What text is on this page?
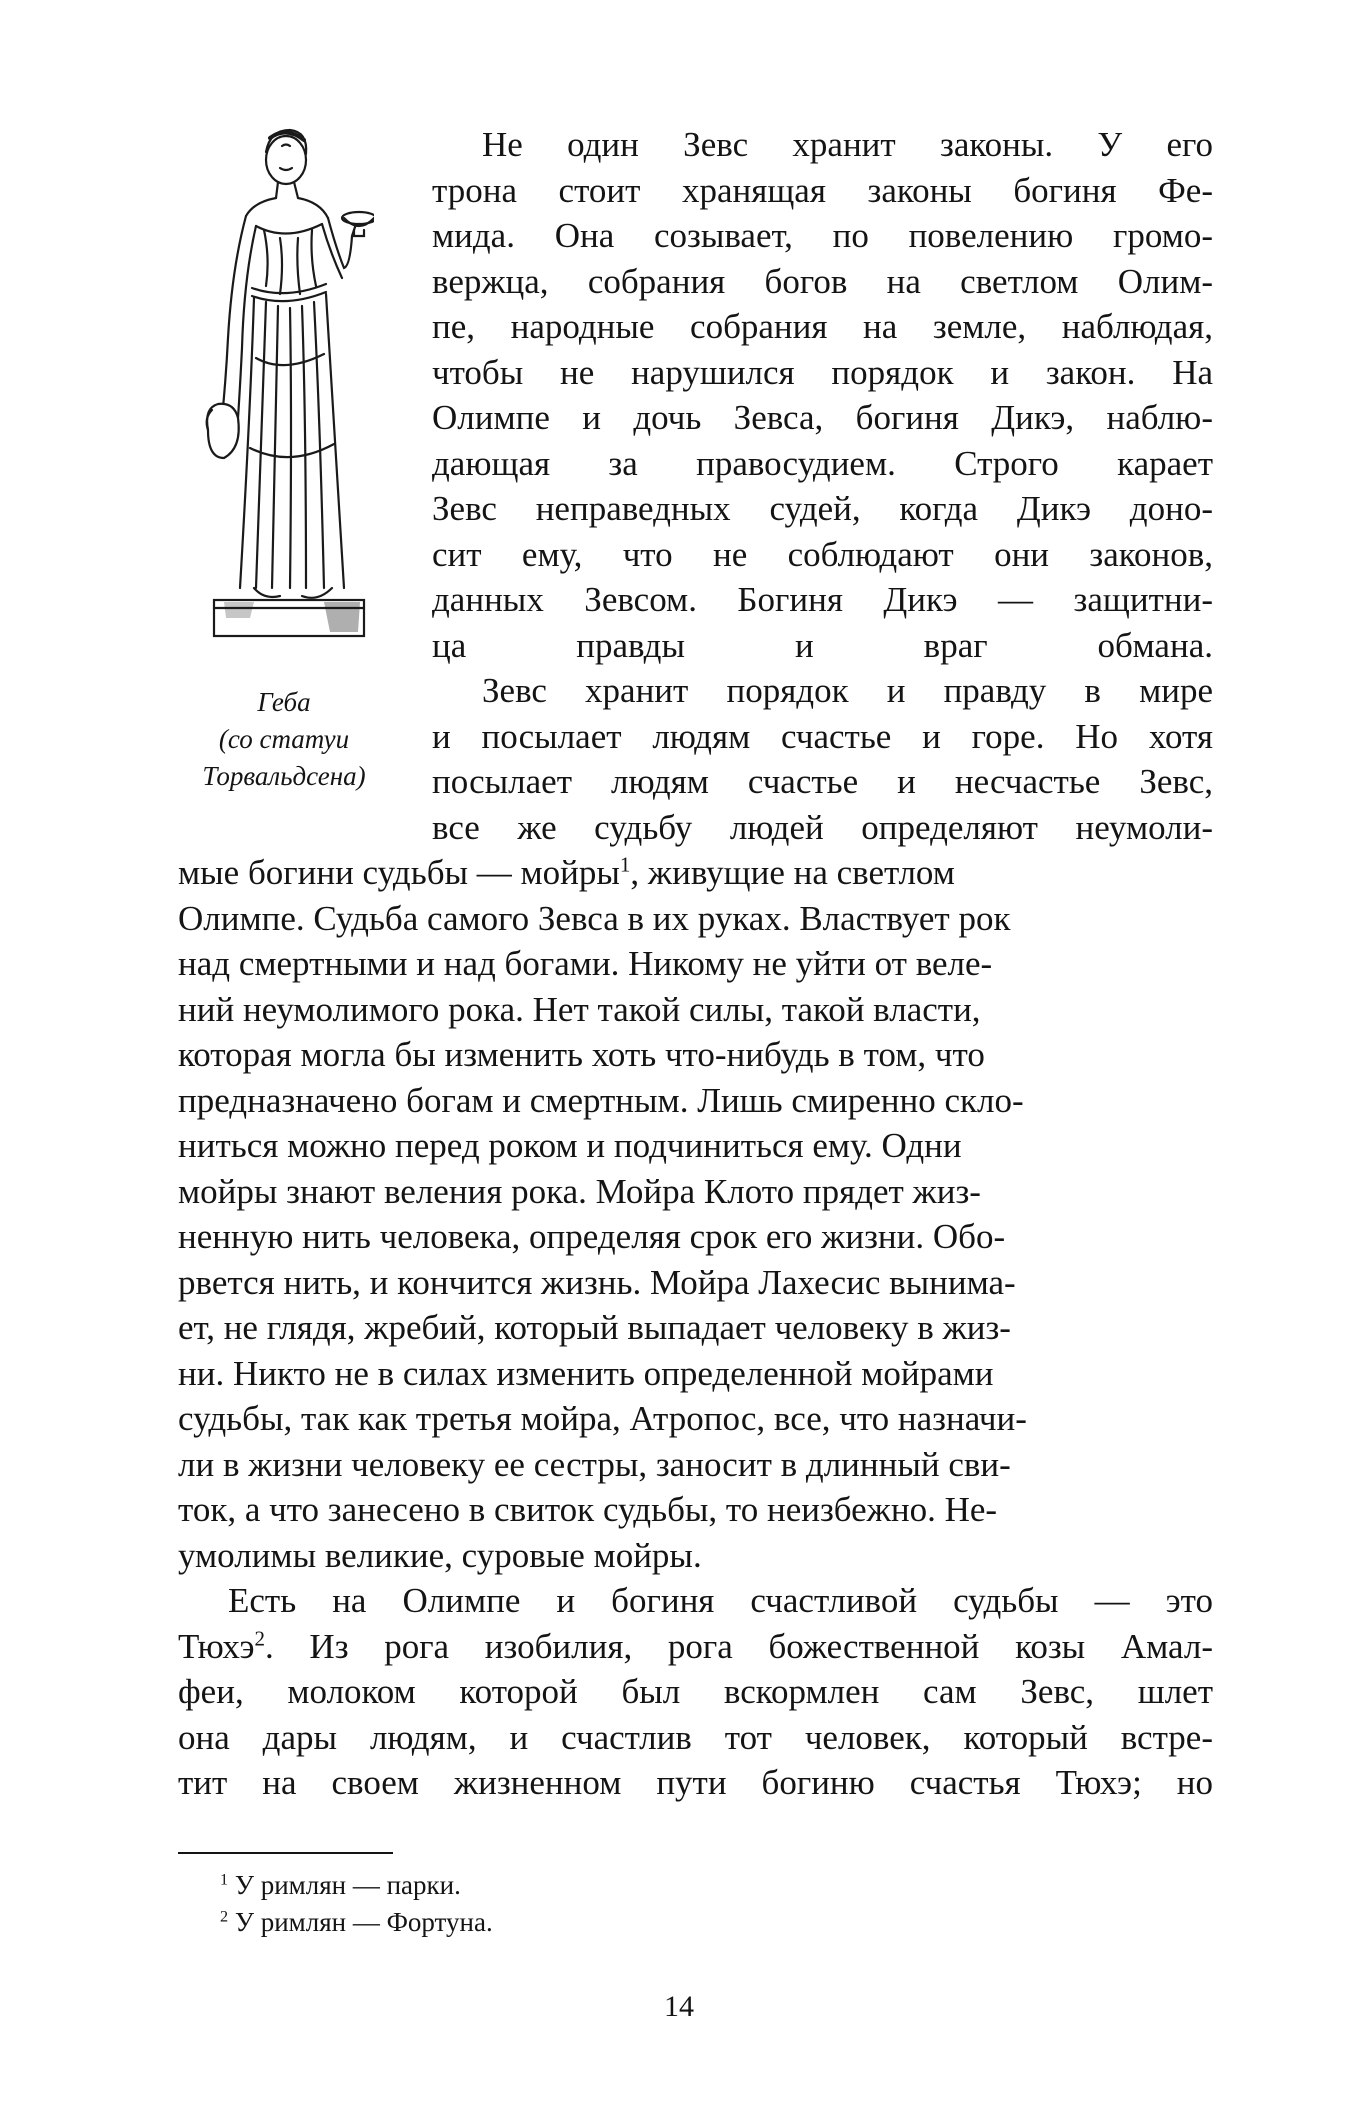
Геба
(со статуи
Торвальдсена)
Не один Зевс хранит законы. У его
трона стоит хранящая законы богиня Фе-
мида. Она созывает, по повелению громо-
вержца, собрания богов на светлом Олим-
пе, народные собрания на земле, наблюдая,
чтобы не нарушился порядок и закон. На
Олимпе и дочь Зевса, богиня Дикэ, наблю-
дающая за правосудием. Строго карает
Зевс неправедных судей, когда Дикэ доно-
сит ему, что не соблюдают они законов,
данных Зевсом. Богиня Дикэ — защитни-
ца правды и враг обмана.
Зевс хранит порядок и правду в мире
и посылает людям счастье и горе. Но хотя
посылает людям счастье и несчастье Зевс,
все же судьбу людей определяют неумоли-
мые богини судьбы — мойры$^1$, живущие на светлом
Олимпе. Судьба самого Зевса в их руках. Властвует рок
над смертными и над богами. Никому не уйти от веле-
ний неумолимого рока. Нет такой силы, такой власти,
которая могла бы изменить хоть что-нибудь в том, что
предназначено богам и смертным. Лишь смиренно скло-
ниться можно перед роком и подчиниться ему. Одни
мойры знают веления рока. Мойра Клото прядет жиз-
ненную нить человека, определяя срок его жизни. Обо-
рвется нить, и кончится жизнь. Мойра Лахесис вынима-
ет, не глядя, жребий, который выпадает человеку в жиз-
ни. Никто не в силах изменить определенной мойрами
судьбы, так как третья мойра, Атропос, все, что назначи-
ли в жизни человеку ее сестры, заносит в длинный сви-
ток, а что занесено в свиток судьбы, то неизбежно. Не-
умолимы великие, суровые мойры.
Есть на Олимпе и богиня счастливой судьбы — это
Тюхэ$^2$. Из рога изобилия, рога божественной козы Амал-
феи, молоком которой был вскормлен сам Зевс, шлет
она дары людям, и счастлив тот человек, который встре-
тит на своем жизненном пути богиню счастья Тюхэ; но
$^1$ У римлян — парки.
$^2$ У римлян — Фортуна.
14
